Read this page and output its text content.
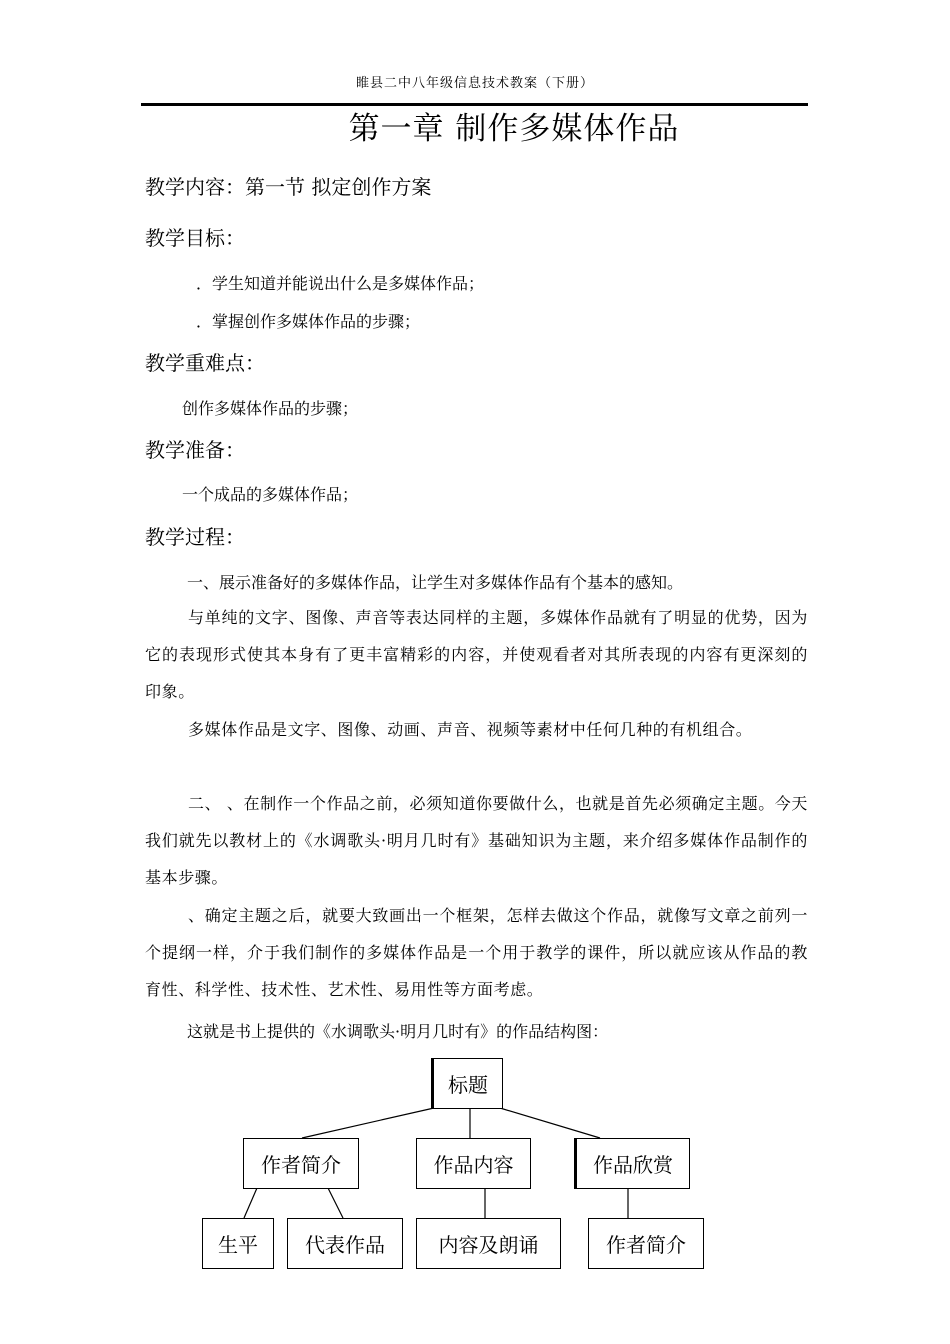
睢县二中八年级信息技术教案（下册）
第一章 制作多媒体作品
教学内容：第一节 拟定创作方案
教学目标：
．学生知道并能说出什么是多媒体作品；
．掌握创作多媒体作品的步骤；
教学重难点：
创作多媒体作品的步骤；
教学准备：
一个成品的多媒体作品；
教学过程：
一、展示准备好的多媒体作品，让学生对多媒体作品有个基本的感知。
与单纯的文字、图像、声音等表达同样的主题，多媒体作品就有了明显的优势，因为它的表现形式使其本身有了更丰富精彩的内容，并使观看者对其所表现的内容有更深刻的印象。
多媒体作品是文字、图像、动画、声音、视频等素材中任何几种的有机组合。
二、 、在制作一个作品之前，必须知道你要做什么，也就是首先必须确定主题。今天我们就先以教材上的《水调歌头·明月几时有》基础知识为主题，来介绍多媒体作品制作的基本步骤。
、确定主题之后，就要大致画出一个框架，怎样去做这个作品，就像写文章之前列一个提纲一样，介于我们制作的多媒体作品是一个用于教学的课件，所以就应该从作品的教育性、科学性、技术性、艺术性、易用性等方面考虑。
这就是书上提供的《水调歌头·明月几时有》的作品结构图：
标题
作者简介	作品内容	作品欣赏
生平	代表作品	内容及朗诵	作者简介
